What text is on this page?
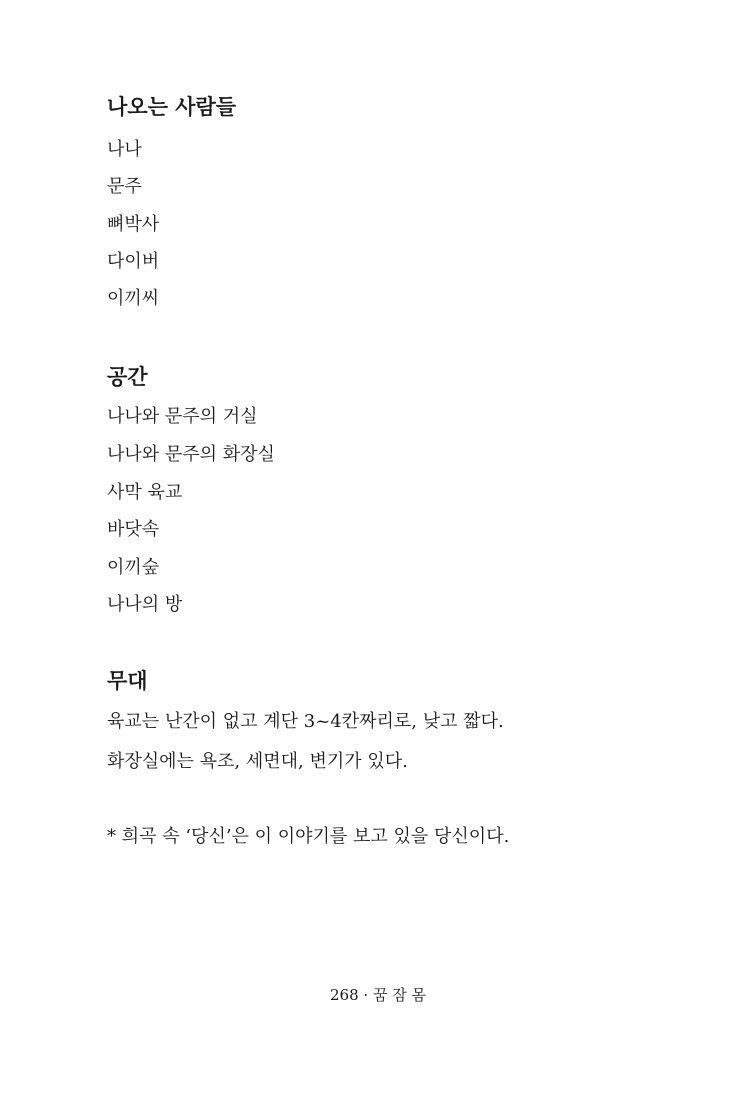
나오는 사람들
나나
문주
뼈박사
다이버
이끼씨
공간
나나와 문주의 거실
나나와 문주의 화장실
사막 육교
바닷속
이끼숲
나나의 방
무대
육교는 난간이 없고 계단 3~4칸짜리로, 낮고 짧다.
화장실에는 욕조, 세면대, 변기가 있다.
* 희곡 속 ‘당신’은 이 이야기를 보고 있을 당신이다.
268 · 꿈 잠 몸
